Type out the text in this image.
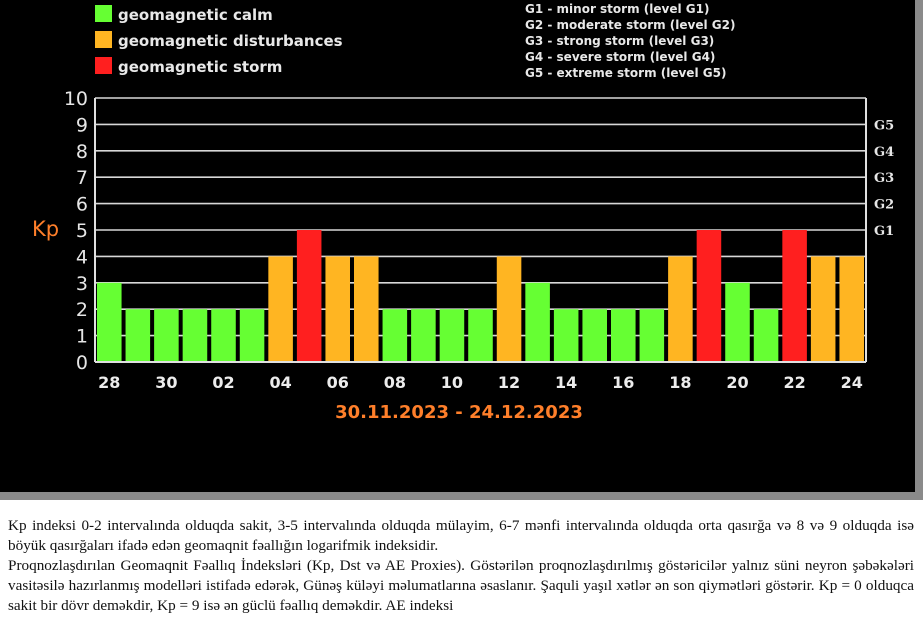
geomagnetic calm
geomagnetic disturbances
geomagnetic storm
G1 - minor storm (level G1)
G2 - moderate storm (level G2)
G3 - strong storm (level G3)
G4 - severe storm (level G4)
G5 - extreme storm (level G5)
Kp
0
1
2
3
4
5
6
7
8
9
10
G1
G2
G3
G4
G5
28 30 02 04 06 08 10 12 14 16 18 20 22 24
30.11.2023 - 24.12.2023

Kp indeksi 0-2 intervalında olduqda sakit, 3-5 intervalında olduqda mülayim, 6-7 mənfi intervalında olduqda orta qasırğa və 8 və 9 olduqda isə böyük qasırğaları ifadə edən geomaqnit fəallığın logarifmik indeksidir.

Proqnozlaşdırılan Geomaqnit Fəallıq İndeksləri (Kp, Dst və AE Proxies). Göstərilən proqnozlaşdırılmış göstəricilər yalnız süni neyron şəbəkələri vasitəsilə hazırlanmış modelləri istifadə edərək, Günəş küləyi məlumatlarına əsaslanır. Şaquli yaşıl xətlər ən son qiymətləri göstərir. Kp = 0 olduqca sakit bir dövr deməkdir, Kp = 9 isə ən güclü fəallıq deməkdir. AE indeksi
